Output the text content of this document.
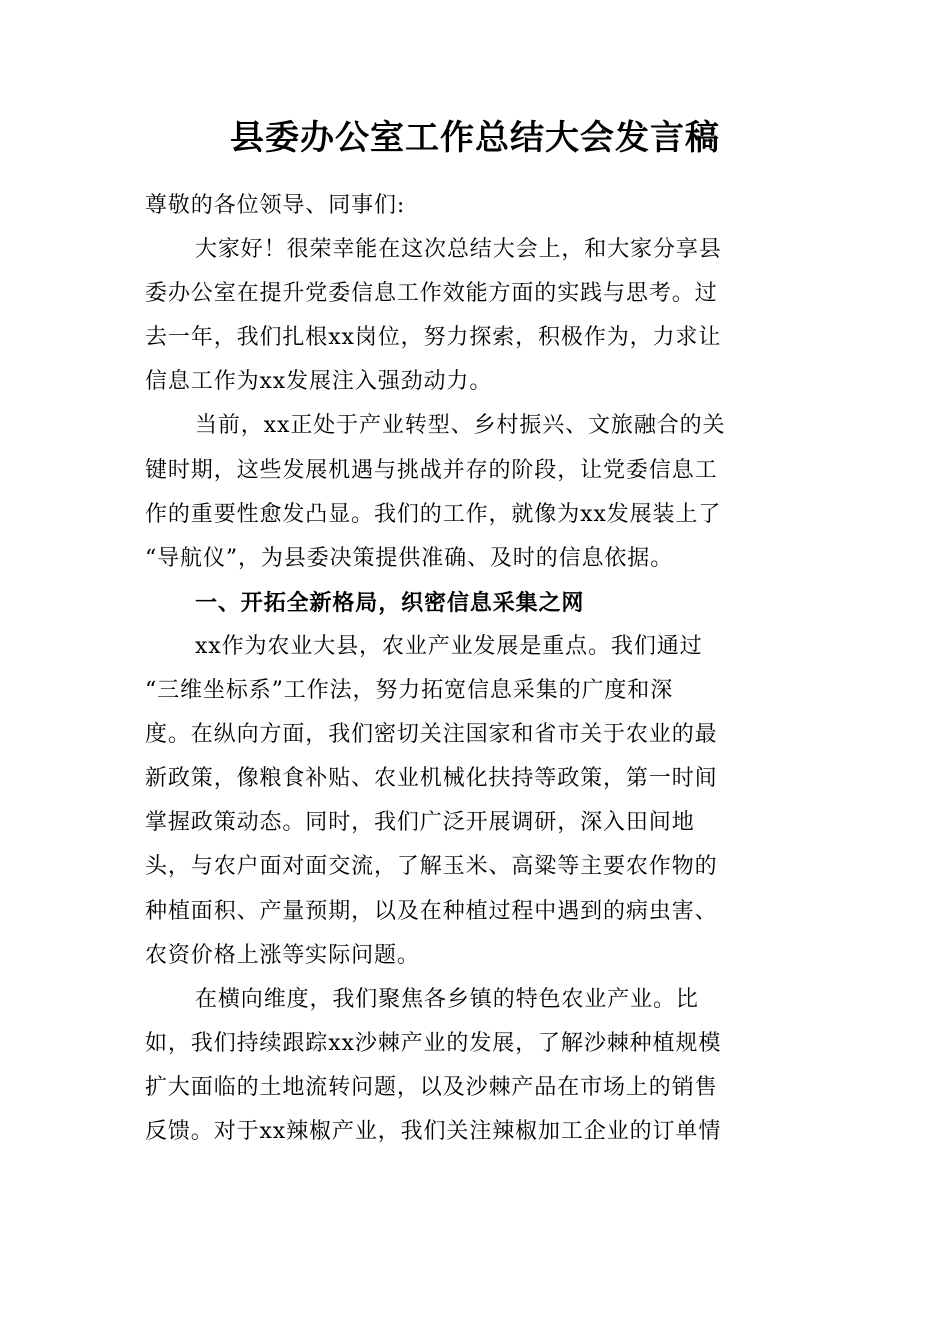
县委办公室工作总结大会发言稿
尊敬的各位领导、同事们:
大家好！很荣幸能在这次总结大会上，和大家分享县
委办公室在提升党委信息工作效能方面的实践与思考。过
去一年，我们扎根xx岗位，努力探索，积极作为，力求让
信息工作为xx发展注入强劲动力。
当前，xx正处于产业转型、乡村振兴、文旅融合的关
键时期，这些发展机遇与挑战并存的阶段，让党委信息工
作的重要性愈发凸显。我们的工作，就像为xx发展装上了
“导航仪”，为县委决策提供准确、及时的信息依据。
一、开拓全新格局，织密信息采集之网
xx作为农业大县，农业产业发展是重点。我们通过
“三维坐标系”工作法，努力拓宽信息采集的广度和深
度。在纵向方面，我们密切关注国家和省市关于农业的最
新政策，像粮食补贴、农业机械化扶持等政策，第一时间
掌握政策动态。同时，我们广泛开展调研，深入田间地
头，与农户面对面交流，了解玉米、高粱等主要农作物的
种植面积、产量预期，以及在种植过程中遇到的病虫害、
农资价格上涨等实际问题。
在横向维度，我们聚焦各乡镇的特色农业产业。比
如，我们持续跟踪xx沙棘产业的发展，了解沙棘种植规模
扩大面临的土地流转问题，以及沙棘产品在市场上的销售
反馈。对于xx辣椒产业，我们关注辣椒加工企业的订单情
